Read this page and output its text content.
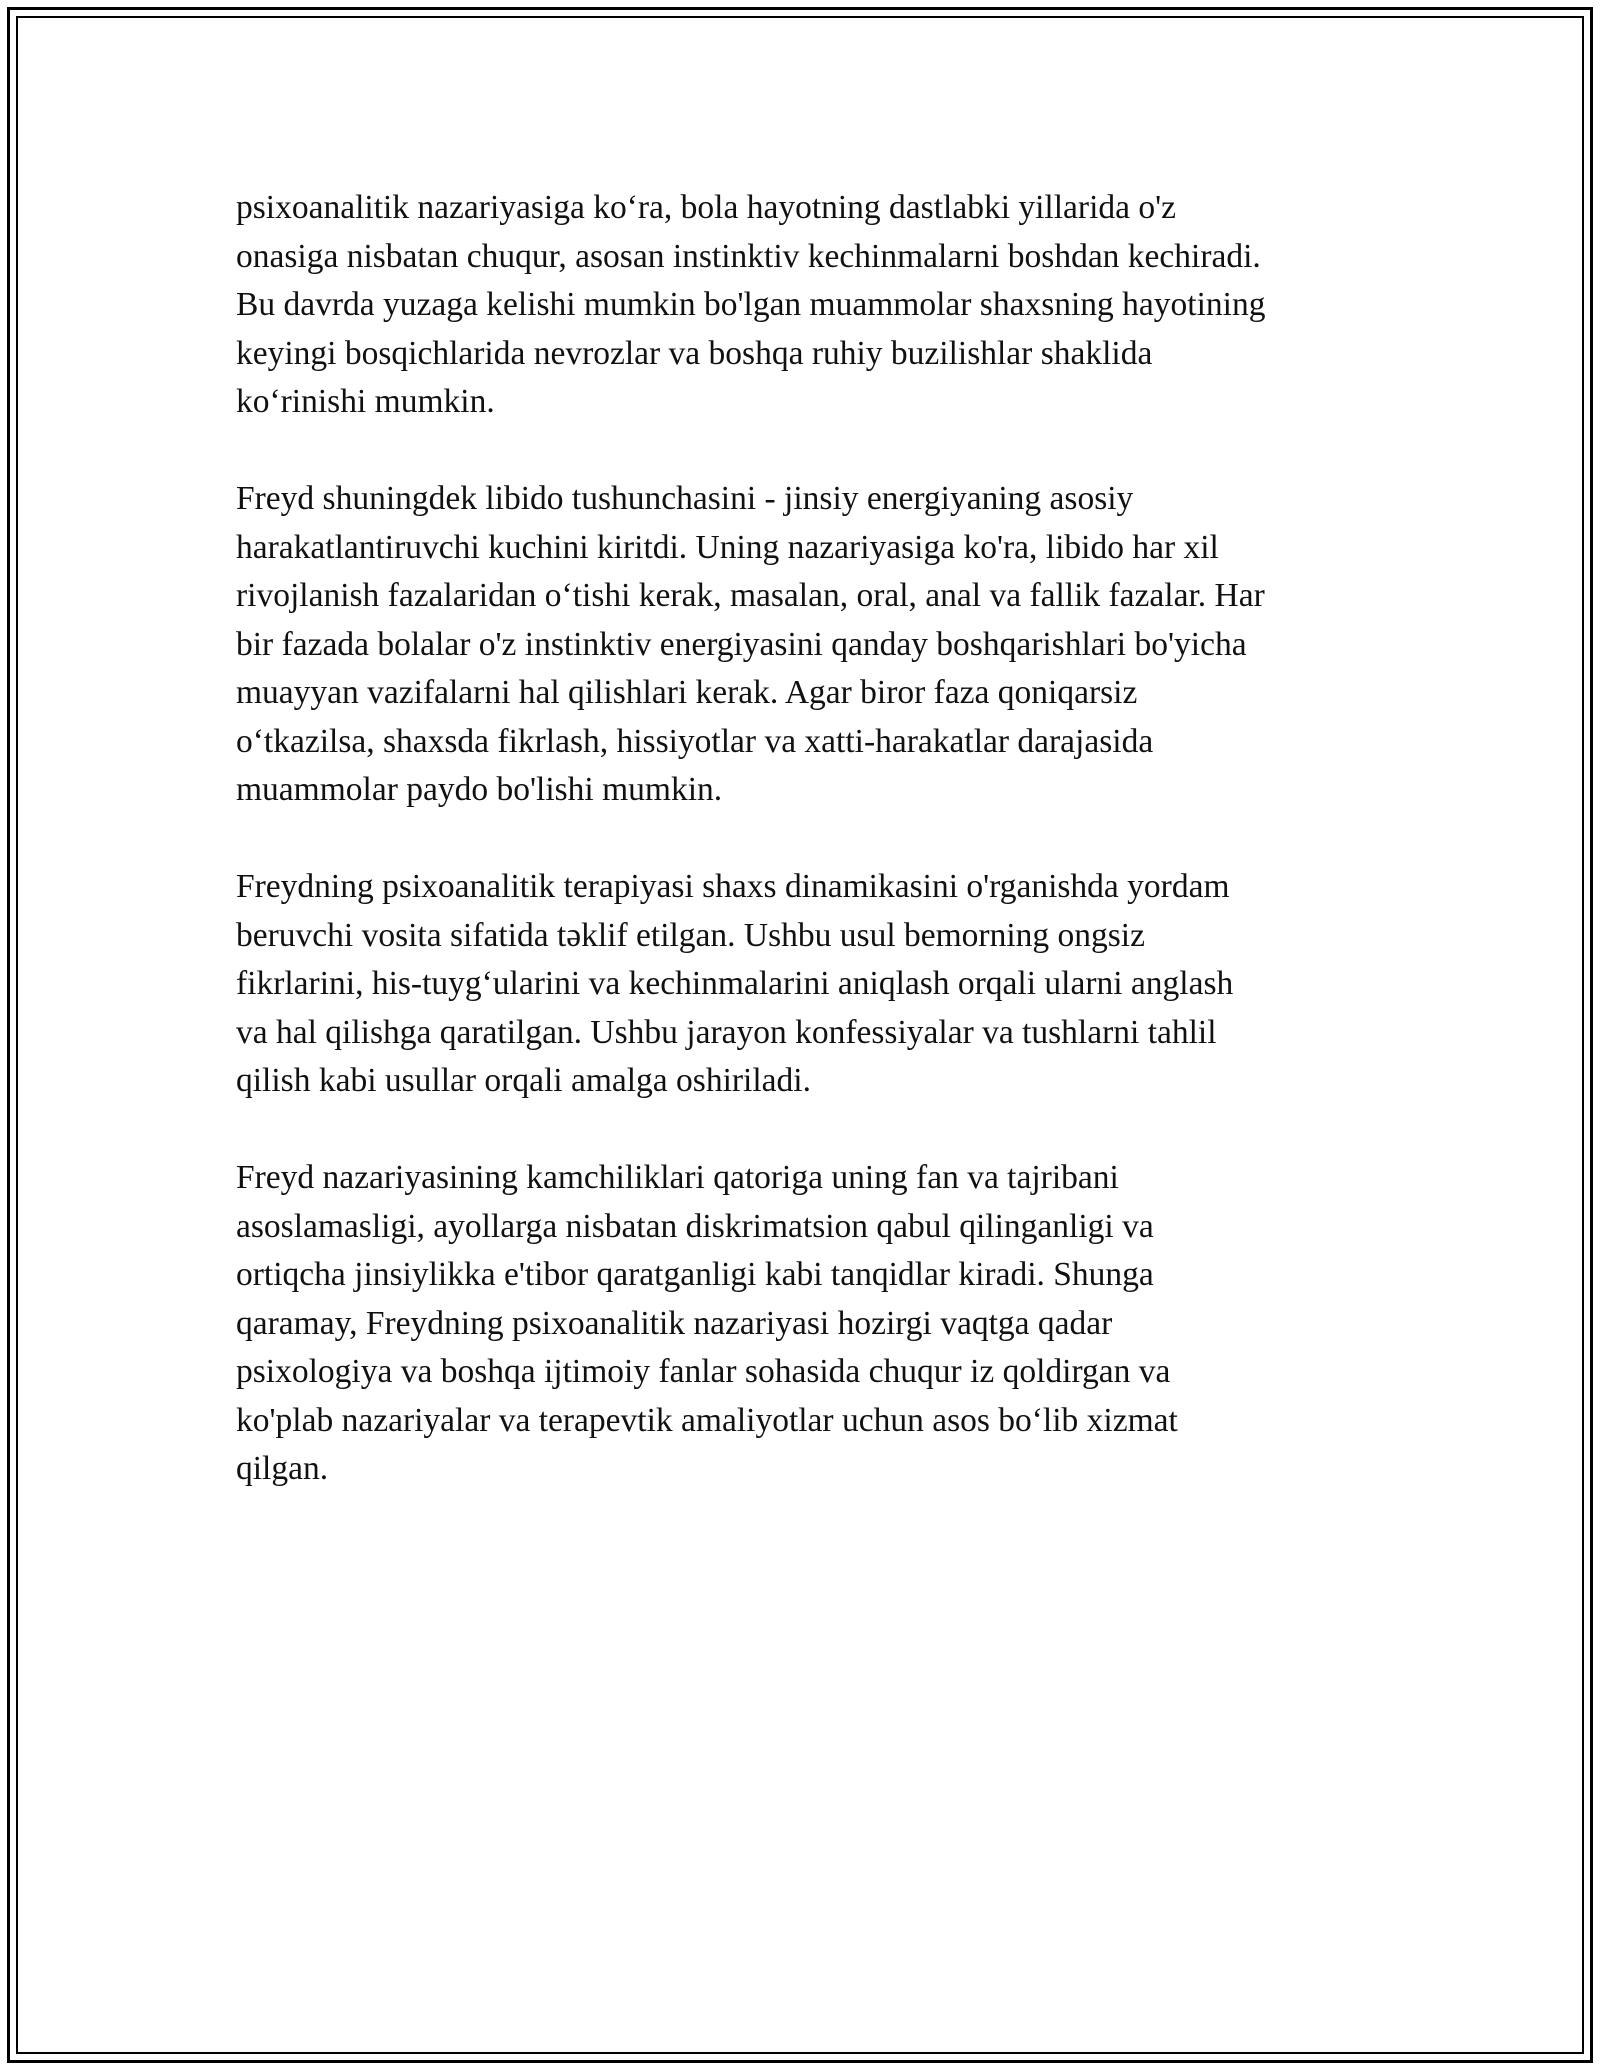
psixoanalitik nazariyasiga ko‘ra, bola hayotning dastlabki yillarida o'z
onasiga nisbatan chuqur, asosan instinktiv kechinmalarni boshdan kechiradi.
Bu davrda yuzaga kelishi mumkin bo'lgan muammolar shaxsning hayotining
keyingi bosqichlarida nevrozlar va boshqa ruhiy buzilishlar shaklida
ko‘rinishi mumkin.

Freyd shuningdek libido tushunchasini - jinsiy energiyaning asosiy
harakatlantiruvchi kuchini kiritdi. Uning nazariyasiga ko'ra, libido har xil
rivojlanish fazalaridan o‘tishi kerak, masalan, oral, anal va fallik fazalar. Har
bir fazada bolalar o'z instinktiv energiyasini qanday boshqarishlari bo'yicha
muayyan vazifalarni hal qilishlari kerak. Agar biror faza qoniqarsiz
o‘tkazilsa, shaxsda fikrlash, hissiyotlar va xatti-harakatlar darajasida
muammolar paydo bo'lishi mumkin.

Freydning psixoanalitik terapiyasi shaxs dinamikasini o'rganishda yordam
beruvchi vosita sifatida təklif etilgan. Ushbu usul bemorning ongsiz
fikrlarini, his-tuyg‘ularini va kechinmalarini aniqlash orqali ularni anglash
va hal qilishga qaratilgan. Ushbu jarayon konfessiyalar va tushlarni tahlil
qilish kabi usullar orqali amalga oshiriladi.

Freyd nazariyasining kamchiliklari qatoriga uning fan va tajribani
asoslamasligi, ayollarga nisbatan diskrimatsion qabul qilinganligi va
ortiqcha jinsiylikka e'tibor qaratganligi kabi tanqidlar kiradi. Shunga
qaramay, Freydning psixoanalitik nazariyasi hozirgi vaqtga qadar
psixologiya va boshqa ijtimoiy fanlar sohasida chuqur iz qoldirgan va
ko'plab nazariyalar va terapevtik amaliyotlar uchun asos bo‘lib xizmat
qilgan.
